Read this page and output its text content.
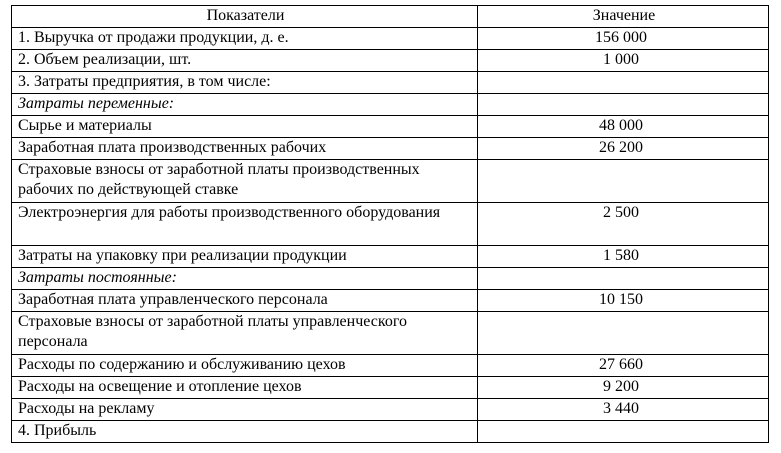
Показатели	Значение
1. Выручка от продажи продукции, д. е.	156 000
2. Объем реализации, шт.	1 000
3. Затраты предприятия, в том числе:	
Затраты переменные:	
Сырье и материалы	48 000
Заработная плата производственных рабочих	26 200
Страховые взносы от заработной платы производственных рабочих по действующей ставке	
Электроэнергия для работы производственного оборудования	2 500
Затраты на упаковку при реализации продукции	1 580
Затраты постоянные:	
Заработная плата управленческого персонала	10 150
Страховые взносы от заработной платы управленческого персонала	
Расходы по содержанию и обслуживанию цехов	27 660
Расходы на освещение и отопление цехов	9 200
Расходы на рекламу	3 440
4. Прибыль	
